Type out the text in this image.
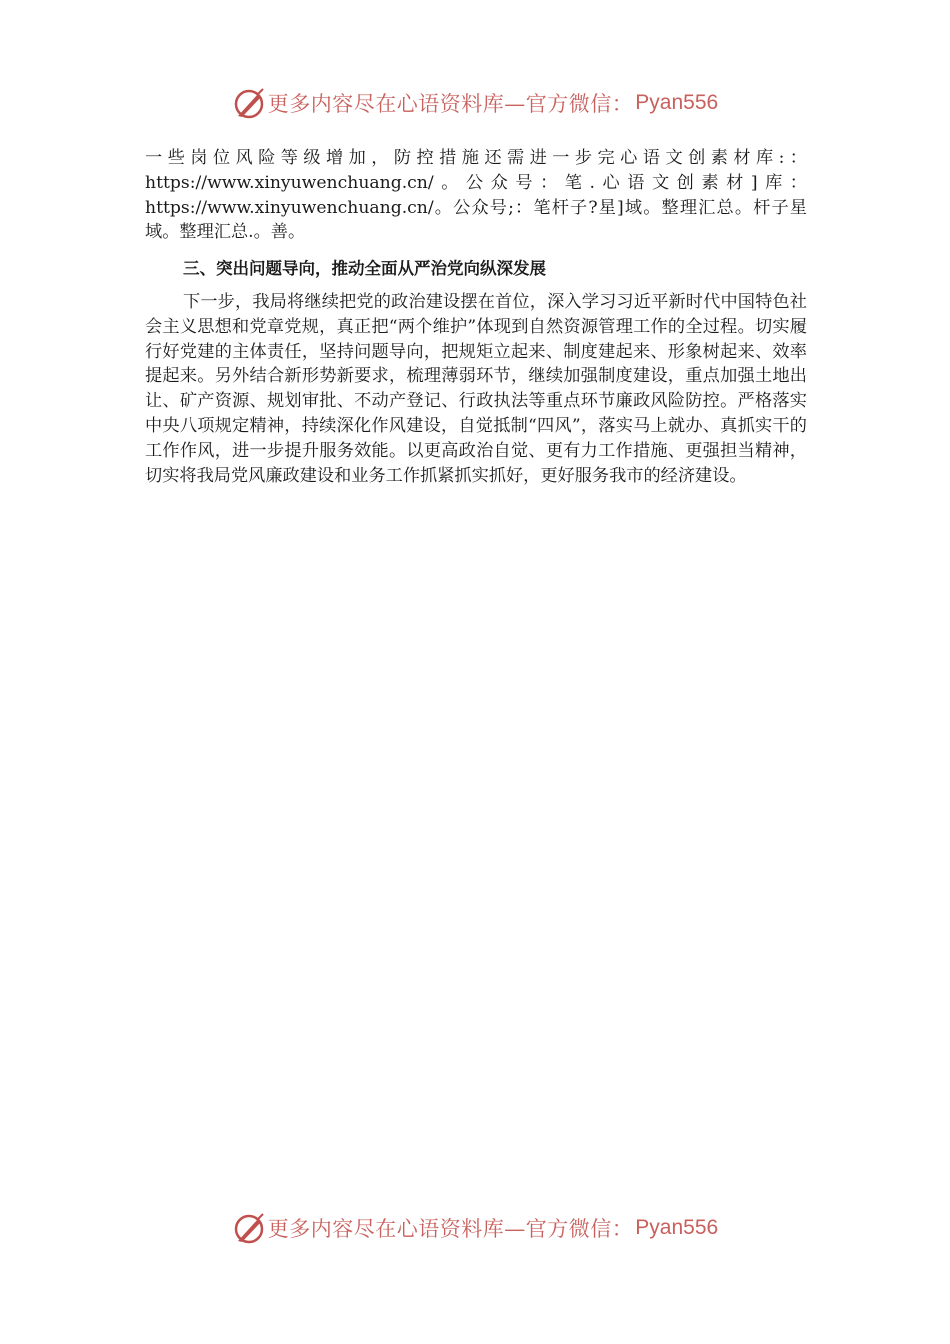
更多内容尽在心语资料库—官方微信： Pyan556

一些岗位风险等级增加，防控措施还需进一步完心语文创素材库:：https://www.xinyuwenchuang.cn/。公众号：笔.心语文创素材]库：https://www.xinyuwenchuang.cn/。公众号;：笔杆子?星]域。整理汇总。杆子星域。整理汇总.。善。

三、突出问题导向，推动全面从严治党向纵深发展

下一步，我局将继续把党的政治建设摆在首位，深入学习习近平新时代中国特色社会主义思想和党章党规，真正把“两个维护”体现到自然资源管理工作的全过程。切实履行好党建的主体责任，坚持问题导向，把规矩立起来、制度建起来、形象树起来、效率提起来。另外结合新形势新要求，梳理薄弱环节，继续加强制度建设，重点加强土地出让、矿产资源、规划审批、不动产登记、行政执法等重点环节廉政风险防控。严格落实中央八项规定精神，持续深化作风建设，自觉抵制“四风”，落实马上就办、真抓实干的工作作风，进一步提升服务效能。以更高政治自觉、更有力工作措施、更强担当精神，切实将我局党风廉政建设和业务工作抓紧抓实抓好，更好服务我市的经济建设。

更多内容尽在心语资料库—官方微信： Pyan556
